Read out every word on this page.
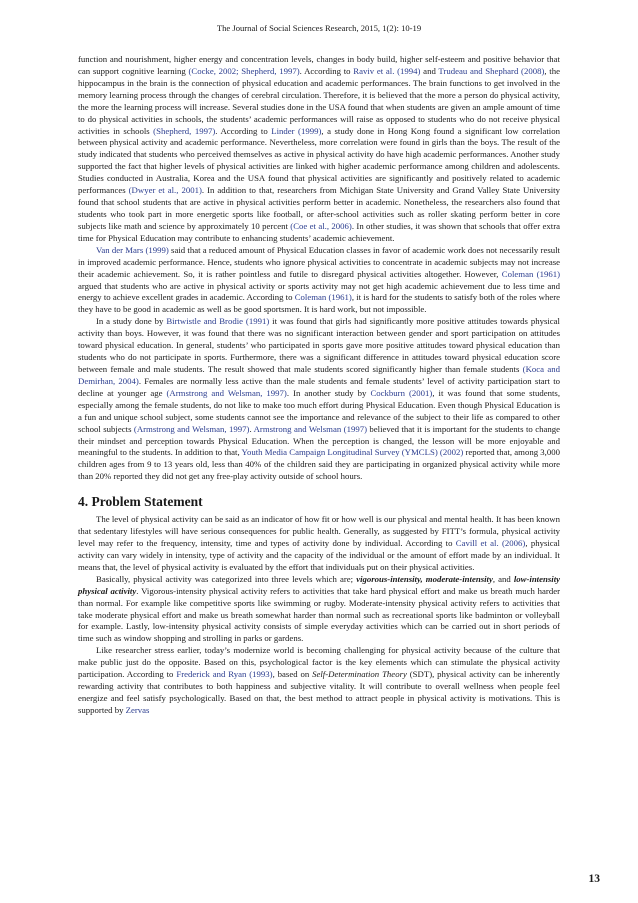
The Journal of Social Sciences Research, 2015, 1(2): 10-19

function and nourishment, higher energy and concentration levels, changes in body build, higher self-esteem and positive behavior that can support cognitive learning (Cocke, 2002; Shepherd, 1997). According to Raviv et al. (1994) and Trudeau and Shephard (2008), the hippocampus in the brain is the connection of physical education and academic performances. The brain functions to get involved in the memory learning process through the changes of cerebral circulation. Therefore, it is believed that the more a person do physical activity, the more the learning process will increase. Several studies done in the USA found that when students are given an ample amount of time to do physical activities in schools, the students’ academic performances will raise as opposed to students who do not receive physical activities in schools (Shepherd, 1997). According to Linder (1999), a study done in Hong Kong found a significant low correlation between physical activity and academic performance. Nevertheless, more correlation were found in girls than the boys. The result of the study indicated that students who perceived themselves as active in physical activity do have high academic performances. Another study supported the fact that higher levels of physical activities are linked with higher academic performance among children and adolescents. Studies conducted in Australia, Korea and the USA found that physical activities are significantly and positively related to academic performances (Dwyer et al., 2001). In addition to that, researchers from Michigan State University and Grand Valley State University found that school students that are active in physical activities perform better in academic. Nonetheless, the researchers also found that students who took part in more energetic sports like football, or after-school activities such as roller skating perform better in core subjects like math and science by approximately 10 percent (Coe et al., 2006). In other studies, it was shown that schools that offer extra time for Physical Education may contribute to enhancing students’ academic achievement.

Van der Mars (1999) said that a reduced amount of Physical Education classes in favor of academic work does not necessarily result in improved academic performance. Hence, students who ignore physical activities to concentrate in academic subjects may not increase their academic achievement. So, it is rather pointless and futile to disregard physical activities altogether. However, Coleman (1961) argued that students who are active in physical activity or sports activity may not get high academic achievement due to less time and energy to achieve excellent grades in academic. According to Coleman (1961), it is hard for the students to satisfy both of the roles where they have to be good in academic as well as be good sportsmen. It is hard work, but not impossible.

In a study done by Birtwistle and Brodie (1991) it was found that girls had significantly more positive attitudes towards physical activity than boys. However, it was found that there was no significant interaction between gender and sport participation on attitudes toward physical education. In general, students’ who participated in sports gave more positive attitudes toward physical education than students who do not participate in sports. Furthermore, there was a significant difference in attitudes toward physical education score between female and male students. The result showed that male students scored significantly higher than female students (Koca and Demirhan, 2004). Females are normally less active than the male students and female students’ level of activity participation start to decline at younger age (Armstrong and Welsman, 1997). In another study by Cockburn (2001), it was found that some students, especially among the female students, do not like to make too much effort during Physical Education. Even though Physical Education is a fun and unique school subject, some students cannot see the importance and relevance of the subject to their life as compared to other school subjects (Armstrong and Welsman, 1997). Armstrong and Welsman (1997) believed that it is important for the students to change their mindset and perception towards Physical Education. When the perception is changed, the lesson will be more enjoyable and meaningful to the students. In addition to that, Youth Media Campaign Longitudinal Survey (YMCLS) (2002) reported that, among 3,000 children ages from 9 to 13 years old, less than 40% of the children said they are participating in organized physical activity while more than 20% reported they did not get any free-play activity outside of school hours.

4. Problem Statement

The level of physical activity can be said as an indicator of how fit or how well is our physical and mental health. It has been known that sedentary lifestyles will have serious consequences for public health. Generally, as suggested by FITT’s formula, physical activity level may refer to the frequency, intensity, time and types of activity done by individual. According to Cavill et al. (2006), physical activity can vary widely in intensity, type of activity and the capacity of the individual or the amount of effort made by an individual. It means that, the level of physical activity is evaluated by the effort that individuals put on their physical activities.

Basically, physical activity was categorized into three levels which are; vigorous-intensity, moderate-intensity, and low-intensity physical activity. Vigorous-intensity physical activity refers to activities that take hard physical effort and make us breath much harder than normal. For example like competitive sports like swimming or rugby. Moderate-intensity physical activity refers to activities that take moderate physical effort and make us breath somewhat harder than normal such as recreational sports like badminton or volleyball for example. Lastly, low-intensity physical activity consists of simple everyday activities which can be carried out in short periods of time such as window shopping and strolling in parks or gardens.

Like researcher stress earlier, today’s modernize world is becoming challenging for physical activity because of the culture that make public just do the opposite. Based on this, psychological factor is the key elements which can stimulate the physical activity participation. According to Frederick and Ryan (1993), based on Self-Determination Theory (SDT), physical activity can be inherently rewarding activity that contributes to both happiness and subjective vitality. It will contribute to overall wellness when people feel energize and feel satisfy psychologically. Based on that, the best method to attract people in physical activity is motivations. This is supported by Zervas

13
